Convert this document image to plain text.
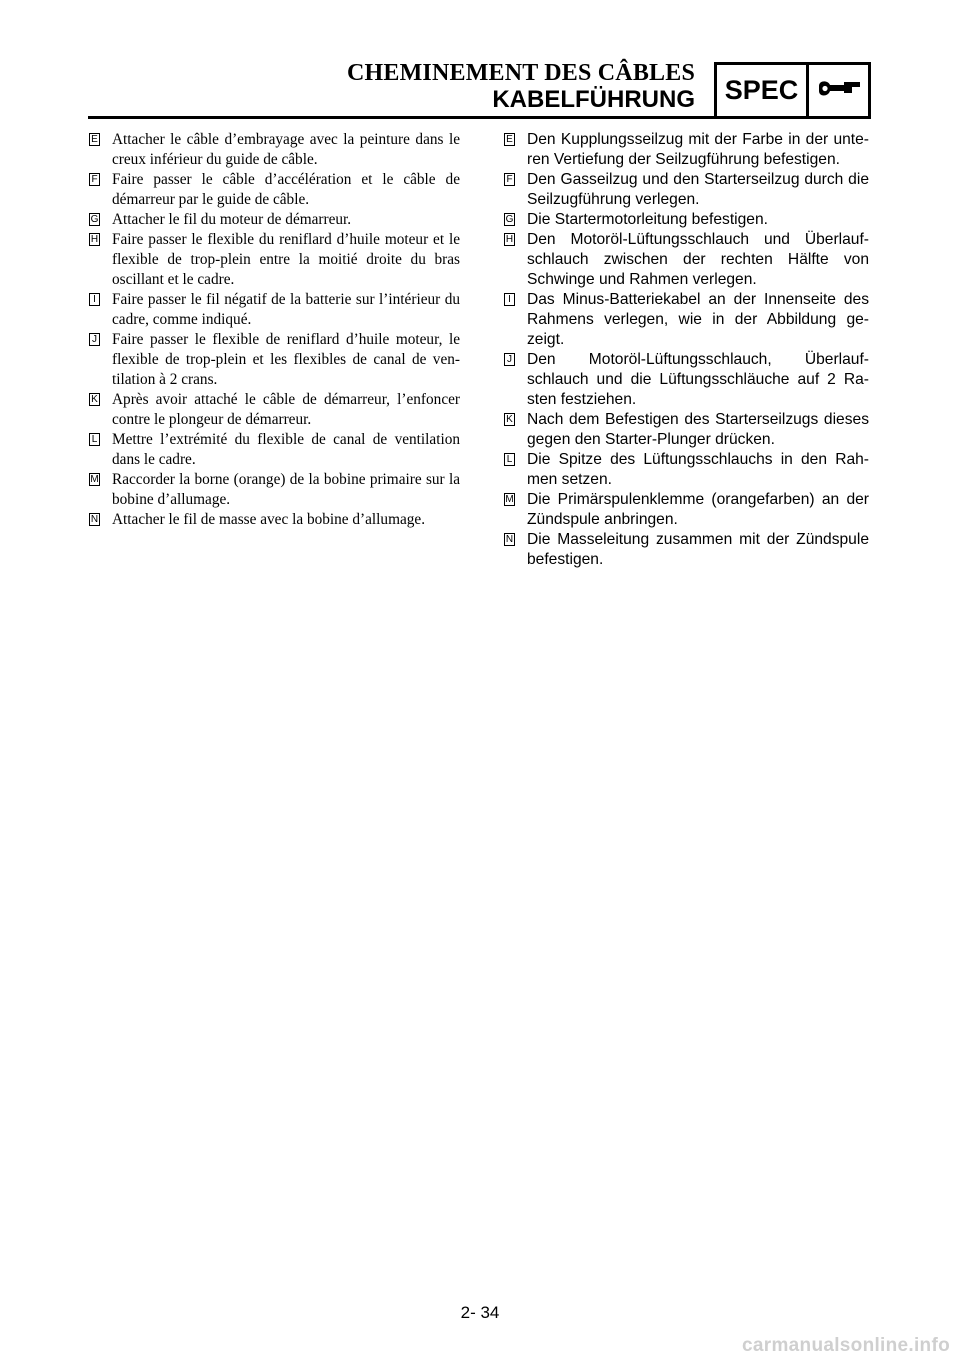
CHEMINEMENT DES CÂBLES
KABELFÜHRUNG SPEC
E Attacher le câble d’embrayage avec la peinture dans le creux inférieur du guide de câble.
F Faire passer le câble d’accélération et le câble de démarreur par le guide de câble.
G Attacher le fil du moteur de démarreur.
H Faire passer le flexible du reniflard d’huile moteur et le flexible de trop-plein entre la moitié droite du bras oscillant et le cadre.
I Faire passer le fil négatif de la batterie sur l’intérieur du cadre, comme indiqué.
J Faire passer le flexible de reniflard d’huile moteur, le flexible de trop-plein et les flexibles de canal de ven-tilation à 2 crans.
K Après avoir attaché le câble de démarreur, l’enfoncer contre le plongeur de démarreur.
L Mettre l’extrémité du flexible de canal de ventilation dans le cadre.
M Raccorder la borne (orange) de la bobine primaire sur la bobine d’allumage.
N Attacher le fil de masse avec la bobine d’allumage.
E Den Kupplungsseilzug mit der Farbe in der unte-ren Vertiefung der Seilzugführung befestigen.
F Den Gasseilzug und den Starterseilzug durch die Seilzugführung verlegen.
G Die Startermotorleitung befestigen.
H Den Motoröl-Lüftungsschlauch und Überlauf-schlauch zwischen der rechten Hälfte von Schwinge und Rahmen verlegen.
I Das Minus-Batteriekabel an der Innenseite des Rahmens verlegen, wie in der Abbildung ge-zeigt.
J Den Motoröl-Lüftungsschlauch, Überlauf-schlauch und die Lüftungsschläuche auf 2 Ra-sten festziehen.
K Nach dem Befestigen des Starterseilzugs dieses gegen den Starter-Plunger drücken.
L Die Spitze des Lüftungsschlauchs in den Rah-men setzen.
M Die Primärspulenklemme (orangefarben) an der Zündspule anbringen.
N Die Masseleitung zusammen mit der Zündspule befestigen.
2- 34
carmanualsonline.info
